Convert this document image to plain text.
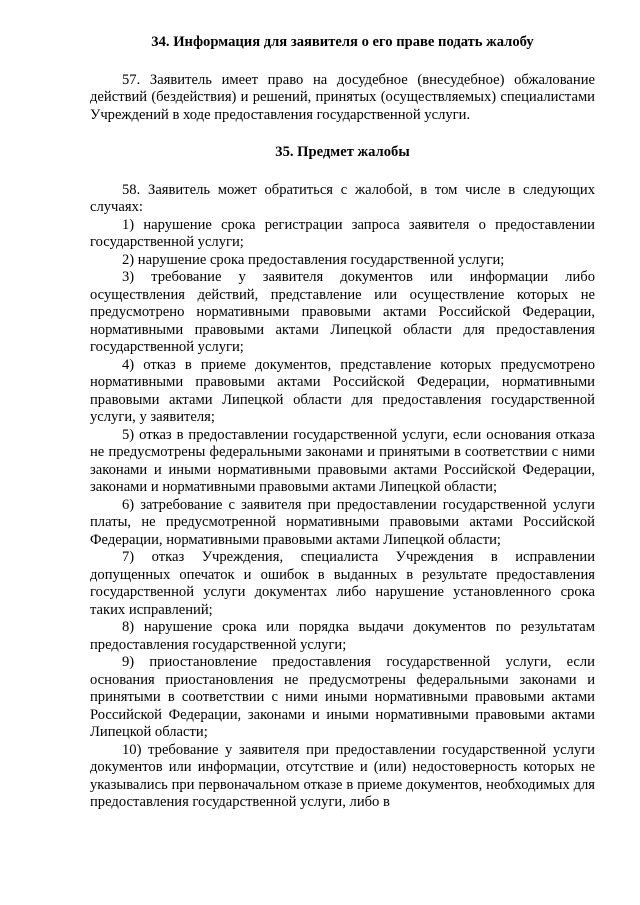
34. Информация для заявителя о его праве подать жалобу

57. Заявитель имеет право на досудебное (внесудебное) обжалование действий (бездействия) и решений, принятых (осуществляемых) специалистами Учреждений в ходе предоставления государственной услуги.

35. Предмет жалобы

58. Заявитель может обратиться с жалобой, в том числе в следующих случаях:

1) нарушение срока регистрации запроса заявителя о предоставлении государственной услуги;

2) нарушение срока предоставления государственной услуги;

3) требование у заявителя документов или информации либо осуществления действий, представление или осуществление которых не предусмотрено нормативными правовыми актами Российской Федерации, нормативными правовыми актами Липецкой области для предоставления государственной услуги;

4) отказ в приеме документов, представление которых предусмотрено нормативными правовыми актами Российской Федерации, нормативными правовыми актами Липецкой области для предоставления государственной услуги, у заявителя;

5) отказ в предоставлении государственной услуги, если основания отказа не предусмотрены федеральными законами и принятыми в соответствии с ними законами и иными нормативными правовыми актами Российской Федерации, законами и нормативными правовыми актами Липецкой области;

6) затребование с заявителя при предоставлении государственной услуги платы, не предусмотренной нормативными правовыми актами Российской Федерации, нормативными правовыми актами Липецкой области;

7) отказ Учреждения, специалиста Учреждения в исправлении допущенных опечаток и ошибок в выданных в результате предоставления государственной услуги документах либо нарушение установленного срока таких исправлений;

8) нарушение срока или порядка выдачи документов по результатам предоставления государственной услуги;

9) приостановление предоставления государственной услуги, если основания приостановления не предусмотрены федеральными законами и принятыми в соответствии с ними иными нормативными правовыми актами Российской Федерации, законами и иными нормативными правовыми актами Липецкой области;

10) требование у заявителя при предоставлении государственной услуги документов или информации, отсутствие и (или) недостоверность которых не указывались при первоначальном отказе в приеме документов, необходимых для предоставления государственной услуги, либо в
